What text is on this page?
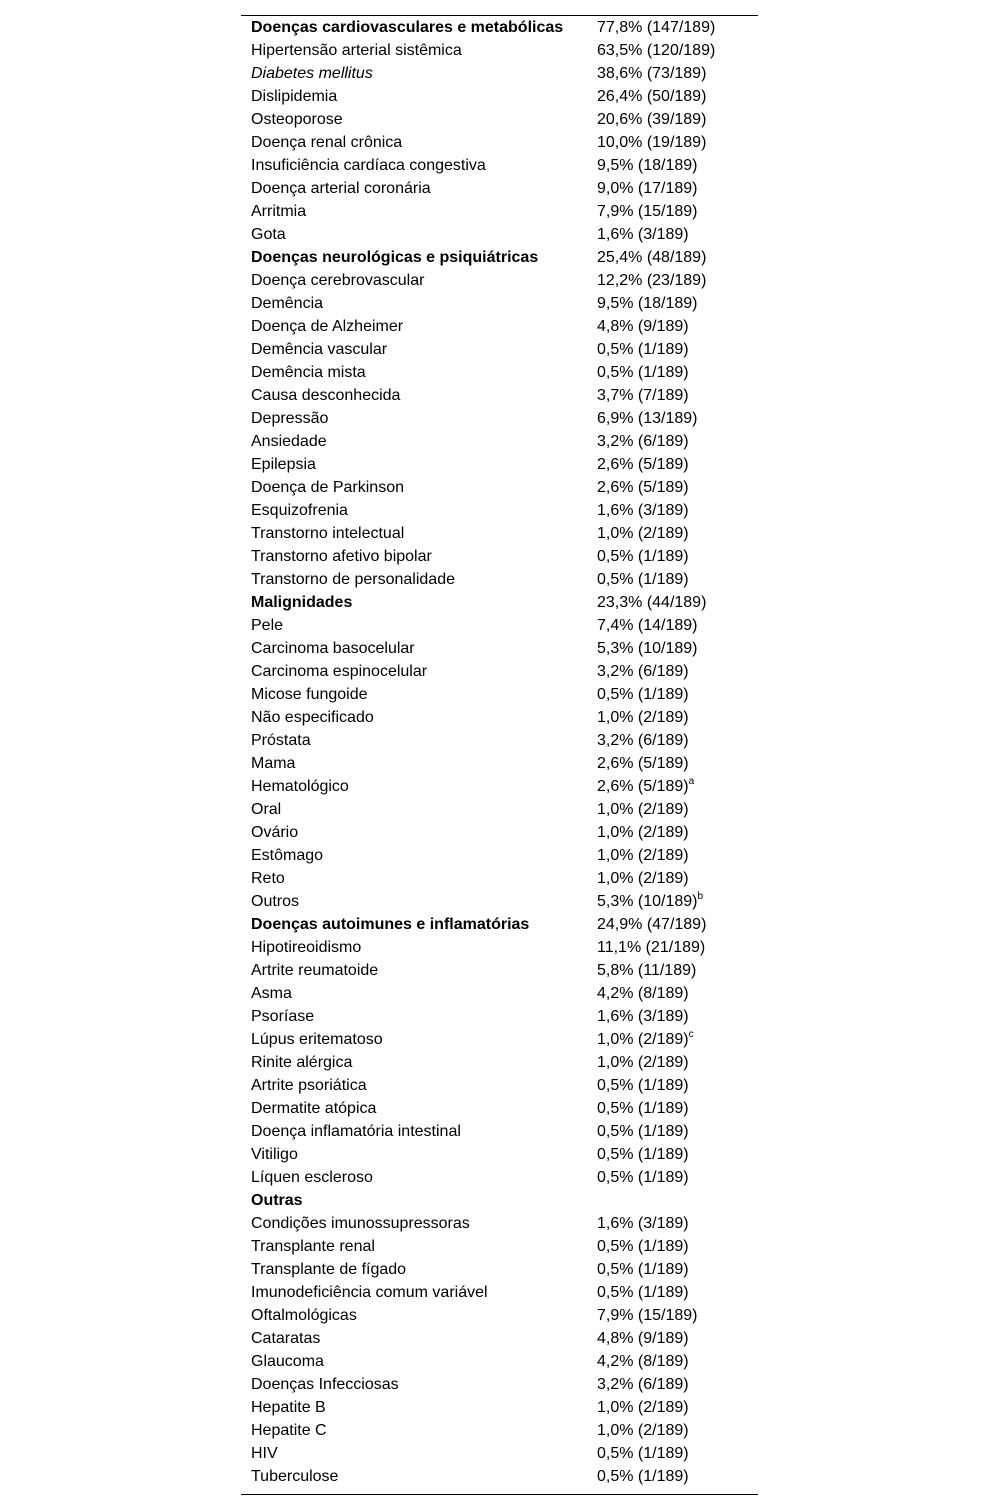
Doenças cardiovasculares e metabólicas	77,8% (147/189)
Hipertensão arterial sistêmica	63,5% (120/189)
Diabetes mellitus	38,6% (73/189)
Dislipidemia	26,4% (50/189)
Osteoporose	20,6% (39/189)
Doença renal crônica	10,0% (19/189)
Insuficiência cardíaca congestiva	9,5% (18/189)
Doença arterial coronária	9,0% (17/189)
Arritmia	7,9% (15/189)
Gota	1,6% (3/189)
Doenças neurológicas e psiquiátricas	25,4% (48/189)
Doença cerebrovascular	12,2% (23/189)
Demência	9,5% (18/189)
Doença de Alzheimer	4,8% (9/189)
Demência vascular	0,5% (1/189)
Demência mista	0,5% (1/189)
Causa desconhecida	3,7% (7/189)
Depressão	6,9% (13/189)
Ansiedade	3,2% (6/189)
Epilepsia	2,6% (5/189)
Doença de Parkinson	2,6% (5/189)
Esquizofrenia	1,6% (3/189)
Transtorno intelectual	1,0% (2/189)
Transtorno afetivo bipolar	0,5% (1/189)
Transtorno de personalidade	0,5% (1/189)
Malignidades	23,3% (44/189)
Pele	7,4% (14/189)
Carcinoma basocelular	5,3% (10/189)
Carcinoma espinocelular	3,2% (6/189)
Micose fungoide	0,5% (1/189)
Não especificado	1,0% (2/189)
Próstata	3,2% (6/189)
Mama	2,6% (5/189)
Hematológico	2,6% $(5/189)^a$
Oral	1,0% (2/189)
Ovário	1,0% (2/189)
Estômago	1,0% (2/189)
Reto	1,0% (2/189)
Outros	5,3% $(10/189)^b$
Doenças autoimunes e inflamatórias	24,9% (47/189)
Hipotireoidismo	11,1% (21/189)
Artrite reumatoide	5,8% (11/189)
Asma	4,2% (8/189)
Psoríase	1,6% (3/189)
Lúpus eritematoso	1,0% $(2/189)^c$
Rinite alérgica	1,0% (2/189)
Artrite psoriática	0,5% (1/189)
Dermatite atópica	0,5% (1/189)
Doença inflamatória intestinal	0,5% (1/189)
Vitiligo	0,5% (1/189)
Líquen escleroso	0,5% (1/189)
Outras
Condições imunossupressoras	1,6% (3/189)
Transplante renal	0,5% (1/189)
Transplante de fígado	0,5% (1/189)
Imunodeficiência comum variável	0,5% (1/189)
Oftalmológicas	7,9% (15/189)
Cataratas	4,8% (9/189)
Glaucoma	4,2% (8/189)
Doenças Infecciosas	3,2% (6/189)
Hepatite B	1,0% (2/189)
Hepatite C	1,0% (2/189)
HIV	0,5% (1/189)
Tuberculose	0,5% (1/189)
